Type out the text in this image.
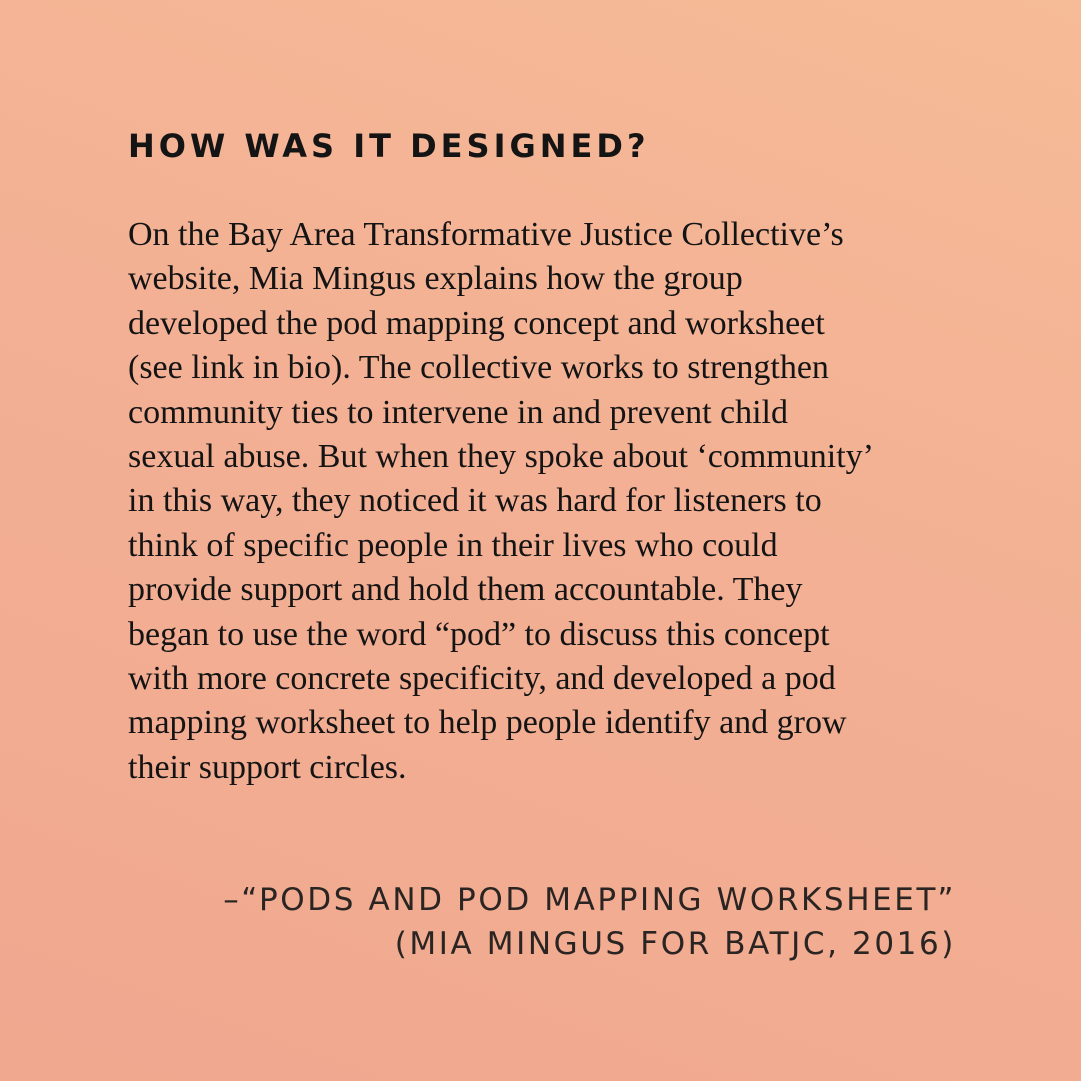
HOW WAS IT DESIGNED?

On the Bay Area Transformative Justice Collective’s
website, Mia Mingus explains how the group
developed the pod mapping concept and worksheet
(see link in bio). The collective works to strengthen
community ties to intervene in and prevent child
sexual abuse. But when they spoke about ‘community’
in this way, they noticed it was hard for listeners to
think of specific people in their lives who could
provide support and hold them accountable. They
began to use the word “pod” to discuss this concept
with more concrete specificity, and developed a pod
mapping worksheet to help people identify and grow
their support circles.

–“PODS AND POD MAPPING WORKSHEET”
(MIA MINGUS FOR BATJC, 2016)
